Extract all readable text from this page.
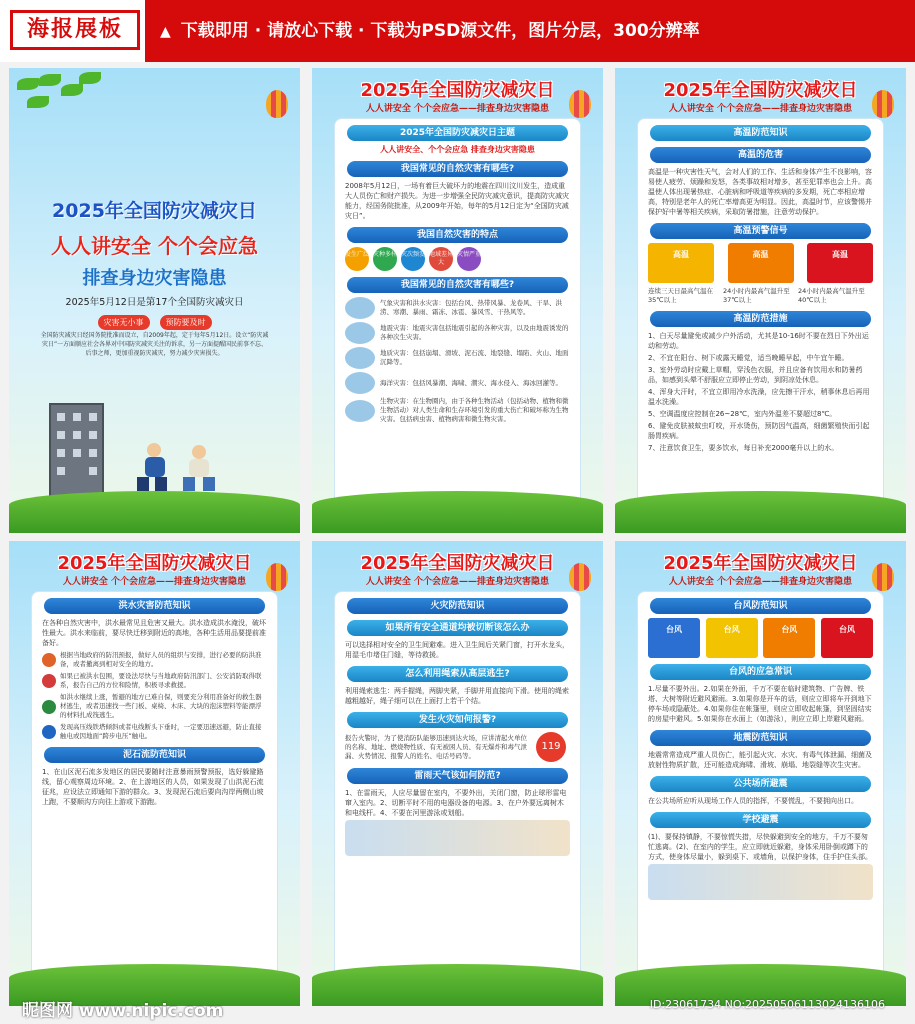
海报展板	▲ 下载即用 · 请放心下载 · 下载为PSD源文件，图片分层，300分辨率
2025年全国防灾减灾日
人人讲安全 个个会应急
排查身边灾害隐患
2025年5月12日是第17个全国防灾减灾日
灾害无小事	预防要及时
全国防灾减灾日经国务院批准而设立，自2009年起，定于每年5月12日。设立“防灾减灾日”一方面顺应社会各界对中国防灾减灾关注的诉求，另一方面提醒国民前事不忘、后事之师，更加重视防灾减灾，努力减少灾害损失。
2025年全国防灾减灾日
人人讲安全 个个会应急——排查身边灾害隐患
2025年全国防灾减灾日主题
人人讲安全、个个会应急 排查身边灾害隐患
我国常见的自然灾害有哪些?
2008年5月12日，一场有着巨大破坏力的地震在四川汶川发生，造成重大人员伤亡和财产损失。为进一步增强全民防灾减灾意识，提高防灾减灾能力，经国务院批准，从2009年开始，每年的5月12日定为“全国防灾减灾日”。
我国自然灾害的特点
发生广泛 灾种多样 灾次频发 地域差异大
灾情严重
我国常见的自然灾害有哪些?
气象灾害和洪水灾害：包括台风、热带风暴、龙卷风、干旱、洪涝、寒潮、暴雨、霜冻、冰雹、暴风雪、干热风等。
地震灾害：地震灾害包括地震引起的各种灾害，以及由地震诱发的各种次生灾害。
地质灾害：包括崩塌、滑坡、泥石流、地裂缝、塌陷、火山、地面沉降等。
海洋灾害：包括风暴潮、海啸、潮灾、海水侵入、海冰回灌等。
生物灾害：在生物圈内，由于各种生物活动（包括动物、植物和微生物活动）对人类生命和生存环境引发的重大伤亡和破坏称为生物灾害。包括病虫害、植物病害和微生物灾害。
2025年全国防灾减灾日
人人讲安全 个个会应急——排查身边灾害隐患
高温防范知识
高温的危害
高温是一种灾害性天气，会对人们的工作、生活和身体产生不良影响，容易使人疲劳、烦躁和发怒，各类事故相对增多，甚至犯罪率也会上升。高温使人体出现暑热症、心脏病和呼吸道等疾病的多发期，死亡率相应增高，特别是老年人的死亡率增高更为明显。因此，高温时节，应该警惕并保护好中暑等相关疾病，采取防暑措施，注意劳动保护。
高温预警信号
高温	高温	高温
连续三天日最高气温在35℃以上
24小时内最高气温升至37℃以上
24小时内最高气温升至40℃以上
高温防范措施
1、白天尽量避免或减少户外活动，尤其是10-16时不要在烈日下外出运动和劳动。
2、不宜在阳台、树下或露天睡觉，适当晚睡早起，中午宜午睡。
3、室外劳动时应戴上草帽，穿浅色衣服，并且应备有饮用水和防暑药品，如感到头晕不舒服应立即停止劳动，到阴凉处休息。
4、浑身大汗时，不宜立即用冷水洗澡，应先擦干汗水，稍事休息后再用温水洗澡。
5、空调温度应控制在26~28℃，室内外温差不要超过8℃。
6、避免皮肤被蚊虫叮咬，开水烫伤，预防因气温高，细菌繁殖快而引起肠胃疾病。
7、注意饮食卫生，要多饮水，每日补充2000毫升以上的水。
2025年全国防灾减灾日
人人讲安全 个个会应急——排查身边灾害隐患
洪水灾害防范知识
在各种自然灾害中，洪水最常见且危害又最大。洪水造成洪水淹没，破坏性最大。洪水来临前，要尽快迁移到附近的高地，各种生活用品要提前准备好。
根据当地政府的防汛预报，做好人员的组织与安排，进行必要的防洪准备，或者撤离到相对安全的地方。
如果已被洪水包围，要设法尽快与当地政府防汛部门、公安消防取得联系，报告自己的方位和险情，积极寻求救援。
如洪水继续上涨，暂避的地方已难自保，则要充分利用准备好的救生器材逃生，或者迅速找一些门板、桌椅、木床、大块的泡沫塑料等能漂浮的材料扎成筏逃生。
发现高压线铁塔倾斜或者电线断头下垂时，一定要迅速远避，防止直接触电或因地面“跨步电压”触电。
泥石流防范知识
1、在山区泥石流多发地区的居民要随时注意暴雨预警预报，选好躲避路线，留心观察周边环境。2、在上游地区的人员，如果发现了山洪泥石流征兆，应设法立即通知下游的群众。3、发现泥石流后要向沟岸两侧山坡上跑，不要顺沟方向往上游或下游跑。
2025年全国防灾减灾日
人人讲安全 个个会应急——排查身边灾害隐患
火灾防范知识
如果所有安全通道均被切断该怎么办
可以选择相对安全的卫生间避难。进入卫生间后关紧门窗，打开水龙头，用湿毛巾堵住门缝，等待救援。
怎么利用绳索从高层逃生?
利用绳索逃生：两手握绳，两脚夹紧，手脚并用直接向下滑。使用的绳索越粗越好，绳子细可以在上面打上若干个结。
发生火灾如何报警?
报告火警时，为了使消防队能够迅速到达火场，应讲清起火单位的名称、地址、燃烧物性质、有无被困人员、有无爆炸和毒气泄漏、火势情况、报警人的姓名、电话号码等。
119
雷雨天气该如何防范?
1、在雷雨天，人应尽量留在室内，不要外出，关闭门窗，防止球形雷电窜入室内。2、切断平时不用的电器设备的电源。3、在户外要远离树木和电线杆。4、不要在河里游泳或划船。
2025年全国防灾减灾日
人人讲安全 个个会应急——排查身边灾害隐患
台风防范知识
台风	台风	台风	台风
台风的应急常识
1.尽量不要外出。2.如果在外面，千万不要在临时建筑物、广告牌、铁塔、大树等附近避风避雨。3.如果你是开车的话，则应立即将车开到地下停车场或隐蔽处。4.如果你住在帐篷里，则应立即收起帐篷，到坚固结实的房屋中避风。5.如果你在水面上（如游泳），则应立即上岸避风避雨。
地震防范知识
地震常常造成严重人员伤亡，能引起火灾、水灾、有毒气体泄漏、细菌及放射性物质扩散，还可能造成海啸、滑坡、崩塌、地裂缝等次生灾害。
公共场所避震
在公共场所应听从现场工作人员的指挥，不要慌乱，不要拥向出口。
学校避震
(1)、要保持镇静，不要惊慌失措，尽快躲避到安全的地方，千万不要匆忙逃离。(2)、在室内的学生，应立即就近躲避，身体采用卧倒或蹲下的方式，使身体尽量小，躲到桌下、或墙角，以保护身体，住手护住头部。
昵图网 www.nipic.com	ID:23061734 NO:20250506113024136106
